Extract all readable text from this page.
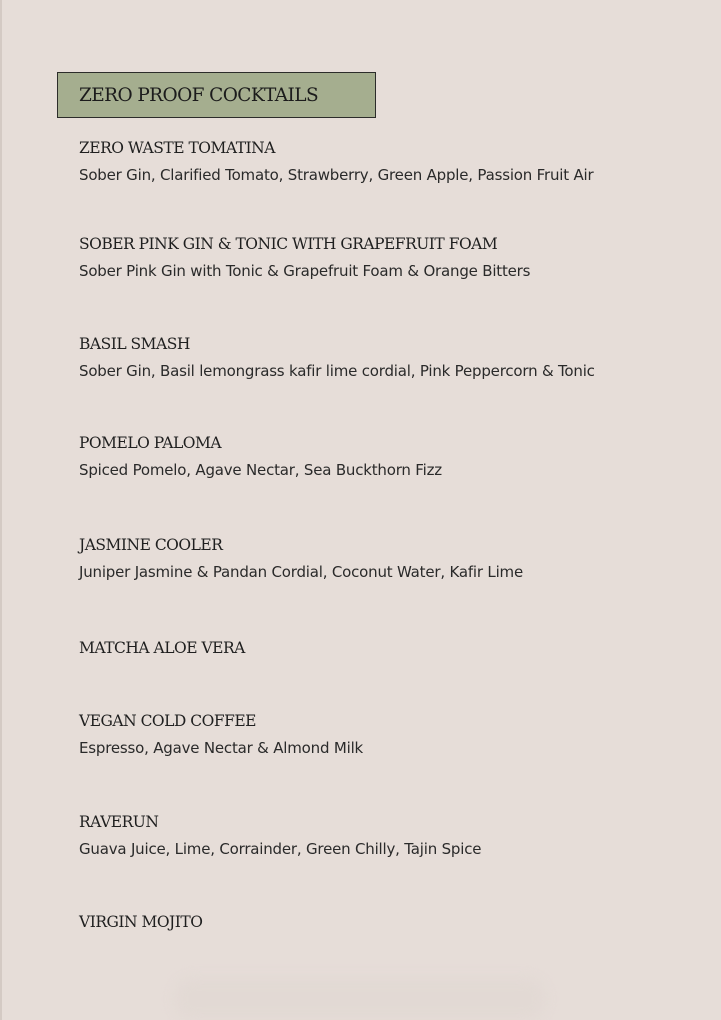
ZERO PROOF COCKTAILS
ZERO WASTE TOMATINA
Sober Gin, Clarified Tomato, Strawberry, Green Apple, Passion Fruit Air
SOBER PINK GIN & TONIC WITH GRAPEFRUIT FOAM
Sober Pink Gin with Tonic & Grapefruit Foam & Orange Bitters
BASIL SMASH
Sober Gin, Basil lemongrass kafir lime cordial, Pink Peppercorn & Tonic
POMELO PALOMA
Spiced Pomelo, Agave Nectar, Sea Buckthorn Fizz
JASMINE COOLER
Juniper Jasmine & Pandan Cordial, Coconut Water, Kafir Lime
MATCHA ALOE VERA
VEGAN COLD COFFEE
Espresso, Agave Nectar & Almond Milk
RAVERUN
Guava Juice, Lime, Corrainder, Green Chilly, Tajin Spice
VIRGIN MOJITO
